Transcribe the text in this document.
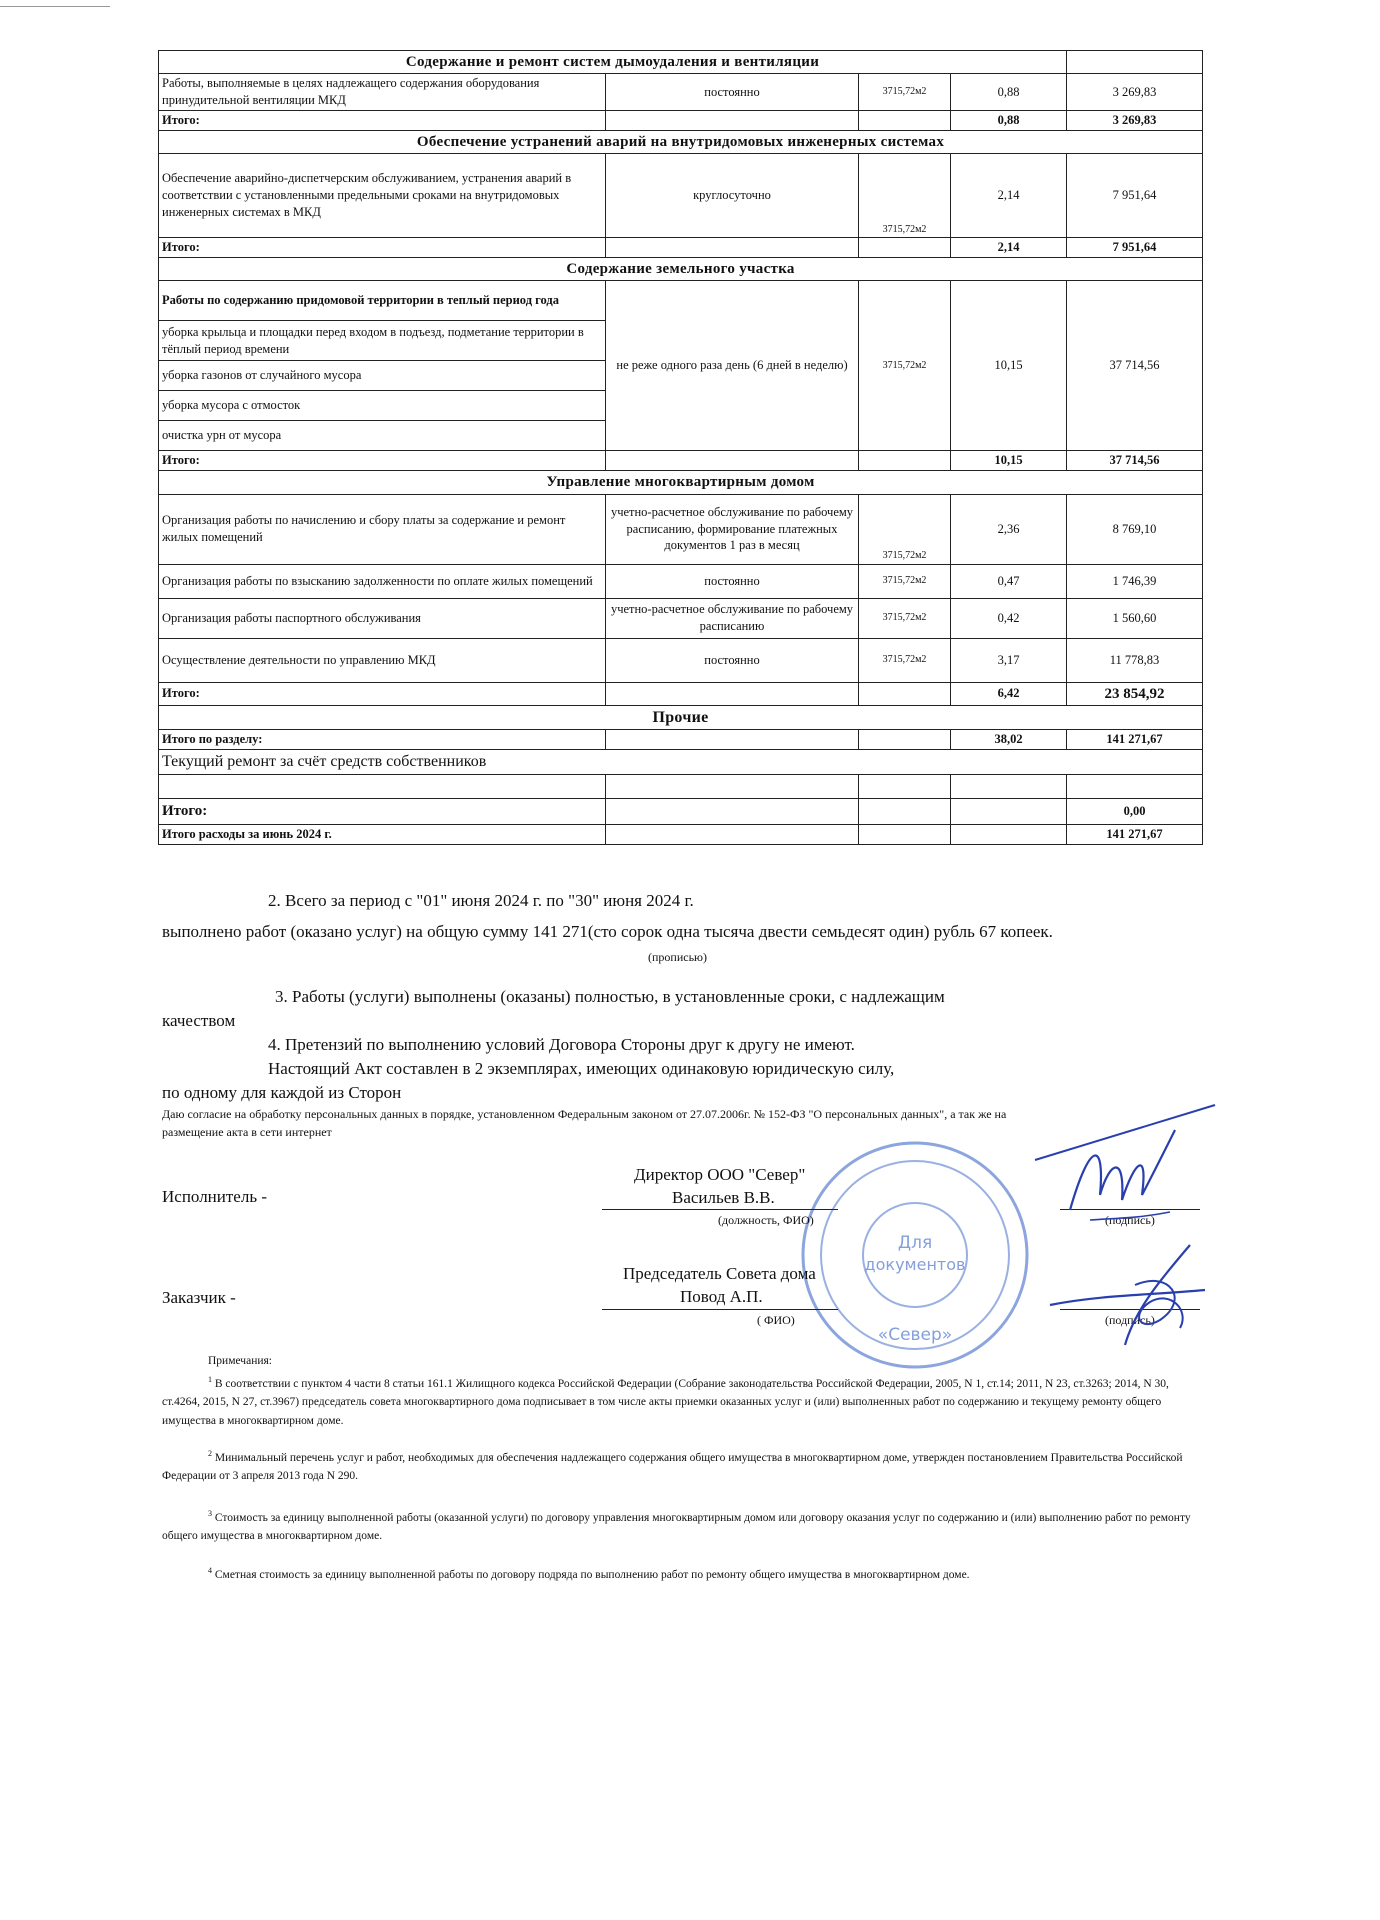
Содержание и ремонт систем дымоудаления и вентиляции				
Работы, выполняемые в целях надлежащего содержания оборудования принудительной вентиляции МКД	постоянно	3715,72м2	0,88	3 269,83
Итого:			0,88	3 269,83
Обеспечение устранений аварий на внутридомовых инженерных системах				
Обеспечение аварийно-диспетчерским обслуживанием, устранения аварий в соответствии с установленными предельными сроками на внутридомовых инженерных системах в МКД	круглосуточно	3715,72м2	2,14	7 951,64
Итого:			2,14	7 951,64
Содержание земельного участка				
Работы по содержанию придомовой территории в теплый период года	не реже одного раза день (6 дней в неделю)	3715,72м2	10,15	37 714,56
уборка крыльца и площадки перед входом в подъезд, подметание территории в тёплый период времени				
уборка газонов от случайного мусора				
уборка мусора с отмосток				
очистка урн от мусора				
Итого:			10,15	37 714,56
Управление многоквартирным домом				
Организация работы по начислению и сбору платы за содержание и ремонт жилых помещений	учетно-расчетное обслуживание по рабочему расписанию, формирование платежных документов 1 раз в месяц	3715,72м2	2,36	8 769,10
Организация работы по взысканию задолженности по оплате жилых помещений	постоянно	3715,72м2	0,47	1 746,39
Организация работы паспортного обслуживания	учетно-расчетное обслуживание по рабочему расписанию	3715,72м2	0,42	1 560,60
Осуществление деятельности по управлению МКД	постоянно	3715,72м2	3,17	11 778,83
Итого:			6,42	23 854,92
Прочие				
Итого по разделу:			38,02	141 271,67
Текущий ремонт за счёт средств собственников				

Итого:				0,00
Итого расходы за июнь 2024 г.				141 271,67
2. Всего за период с "01" июня 2024 г. по "30" июня 2024 г.
выполнено работ (оказано услуг) на общую сумму 141 271(сто сорок одна тысяча двести семьдесят один) рубль 67 копеек.
(прописью)
3. Работы (услуги) выполнены (оказаны) полностью, в установленные сроки, с надлежащим
качеством
4. Претензий по выполнению условий Договора Стороны друг к другу не имеют.
Настоящий Акт составлен в 2 экземплярах, имеющих одинаковую юридическую силу,
по одному для каждой из Сторон
Даю согласие на обработку персональных данных в порядке, установленном Федеральным законом от 27.07.2006г. № 152-ФЗ "О персональных данных", а так же на
размещение акта в сети интернет
Для
документов
«Север»
Директор ООО "Север"
Исполнитель -	Васильев В.В.
(должность, ФИО)	(подпись)
Председатель Совета дома
Заказчик -	Повод А.П.
( ФИО)	(подпись)
Примечания:
$^1$ В соответствии с пунктом 4 части 8 статьи 161.1 Жилищного кодекса Российской Федерации (Собрание законодательства Российской Федерации, 2005, N 1, ст.14; 2011, N 23, ст.3263; 2014, N 30, ст.4264, 2015, N 27, ст.3967) председатель совета многоквартирного дома подписывает в том числе акты приемки оказанных услуг и (или) выполненных работ по содержанию и текущему ремонту общего имущества в многоквартирном доме.
$^2$ Минимальный перечень услуг и работ, необходимых для обеспечения надлежащего содержания общего имущества в многоквартирном доме, утвержден постановлением Правительства Российской Федерации от 3 апреля 2013 года N 290.
$^3$ Стоимость за единицу выполненной работы (оказанной услуги) по договору управления многоквартирным домом или договору оказания услуг по содержанию и (или) выполнению работ по ремонту общего имущества в многоквартирном доме.
$^4$ Сметная стоимость за единицу выполненной работы по договору подряда по выполнению работ по ремонту общего имущества в многоквартирном доме.
